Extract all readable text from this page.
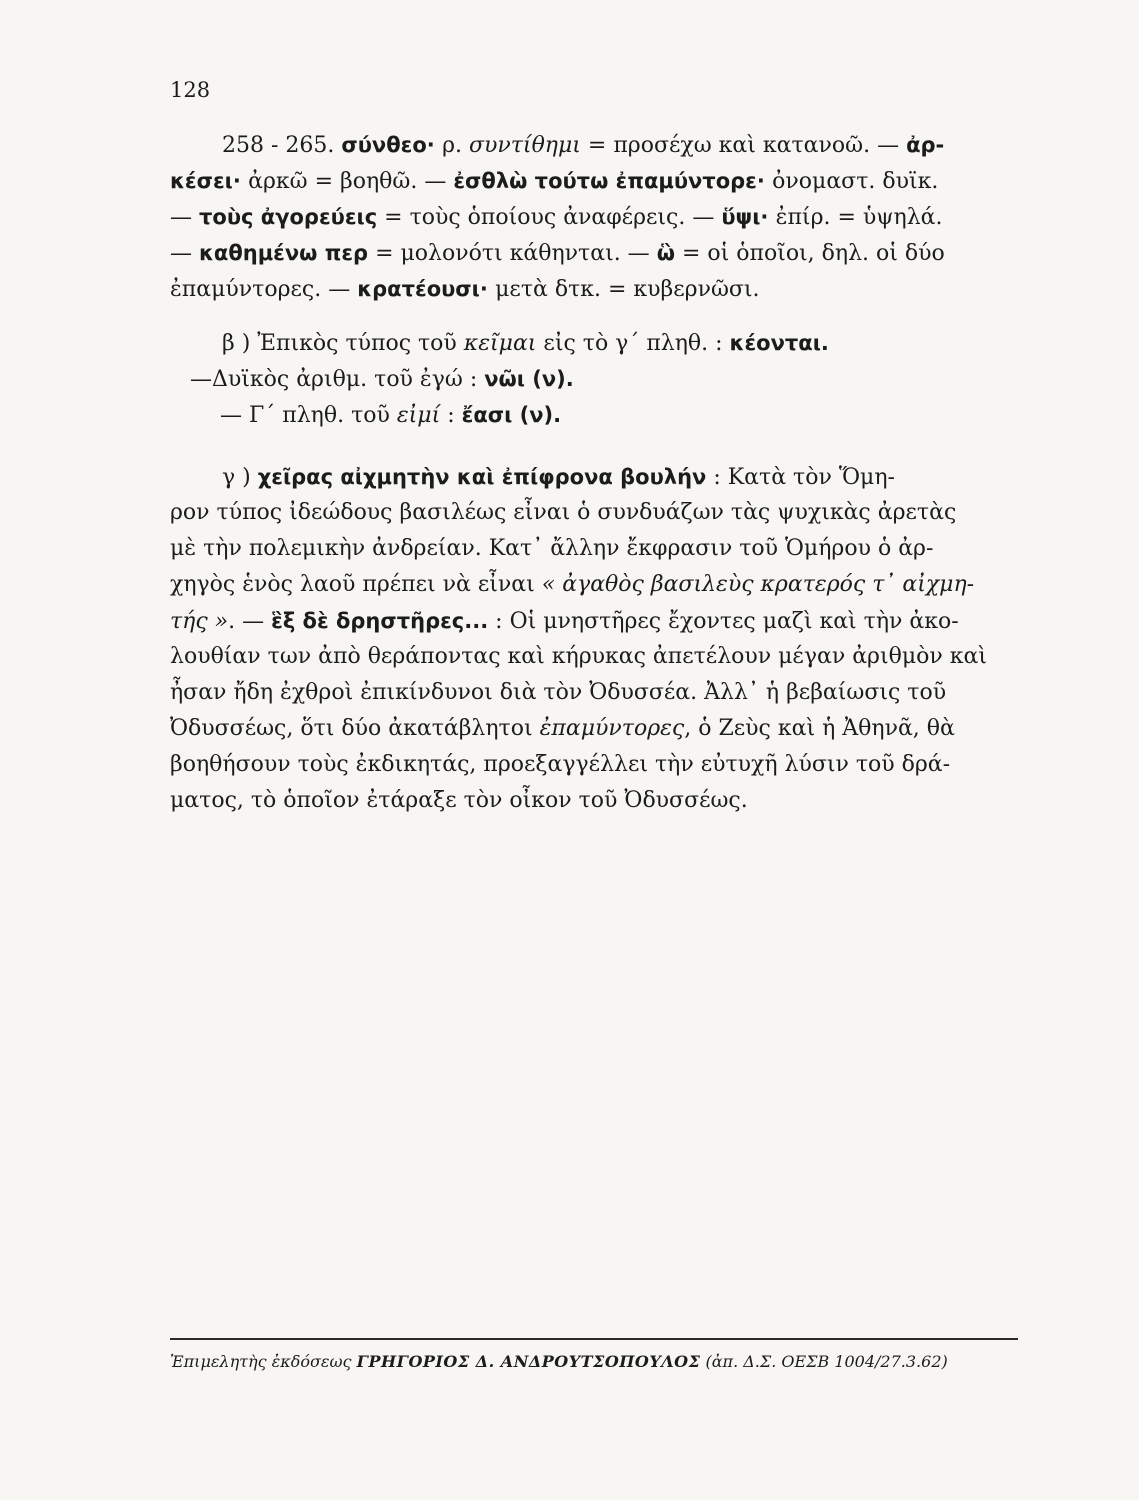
128
258 - 265. σύνθεο· ρ. συντίθημι = προσέχω καὶ κατανοῶ. — ἀρ-
κέσει· ἀρκῶ = βοηθῶ. — ἐσθλὼ τούτω ἐπαμύντορε· ὀνομαστ. δυϊκ.
— τοὺς ἀγορεύεις = τοὺς ὁποίους ἀναφέρεις. — ὕψι· ἐπίρ. = ὑψηλά.
— καθημένω περ = μολονότι κάθηνται. — ὣ = οἱ ὁποῖοι, δηλ. οἱ δύο
ἐπαμύντορες. — κρατέουσι· μετὰ δτκ. = κυβερνῶσι.
β ) Ἐπικὸς τύπος τοῦ κεῖμαι εἰς τὸ γ΄ πληθ. : κέονται.
—Δυϊκὸς ἀριθμ. τοῦ ἐγώ : νῶι (ν).
— Γ΄ πληθ. τοῦ εἰμί : ἔασι (ν).
γ ) χεῖρας αἰχμητὴν καὶ ἐπίφρονα βουλήν : Κατὰ τὸν Ὅμη-
ρον τύπος ἰδεώδους βασιλέως εἶναι ὁ συνδυάζων τὰς ψυχικὰς ἀρετὰς
μὲ τὴν πολεμικὴν ἀνδρείαν. Κατ᾽ ἄλλην ἔκφρασιν τοῦ Ὁμήρου ὁ ἀρ-
χηγὸς ἑνὸς λαοῦ πρέπει νὰ εἶναι « ἀγαθὸς βασιλεὺς κρατερός τ᾽ αἰχμη-
τής ». — ἓξ δὲ δρηστῆρες... : Οἱ μνηστῆρες ἔχοντες μαζὶ καὶ τὴν ἀκο-
λουθίαν των ἀπὸ θεράποντας καὶ κήρυκας ἀπετέλουν μέγαν ἀριθμὸν καὶ
ἦσαν ἤδη ἐχθροὶ ἐπικίνδυνοι διὰ τὸν Ὀδυσσέα. Ἀλλ᾽ ἡ βεβαίωσις τοῦ
Ὀδυσσέως, ὅτι δύο ἀκατάβλητοι ἐπαμύντορες, ὁ Ζεὺς καὶ ἡ Ἀθηνᾶ, θὰ
βοηθήσουν τοὺς ἐκδικητάς, προεξαγγέλλει τὴν εὐτυχῆ λύσιν τοῦ δρά-
ματος, τὸ ὁποῖον ἐτάραξε τὸν οἶκον τοῦ Ὀδυσσέως.
Ἐπιμελητὴς ἐκδόσεως ΓΡΗΓΟΡΙΟΣ Δ. ΑΝΔΡΟΥΤΣΟΠΟΥΛΟΣ (ἀπ. Δ.Σ. ΟΕΣΒ 1004/27.3.62)
